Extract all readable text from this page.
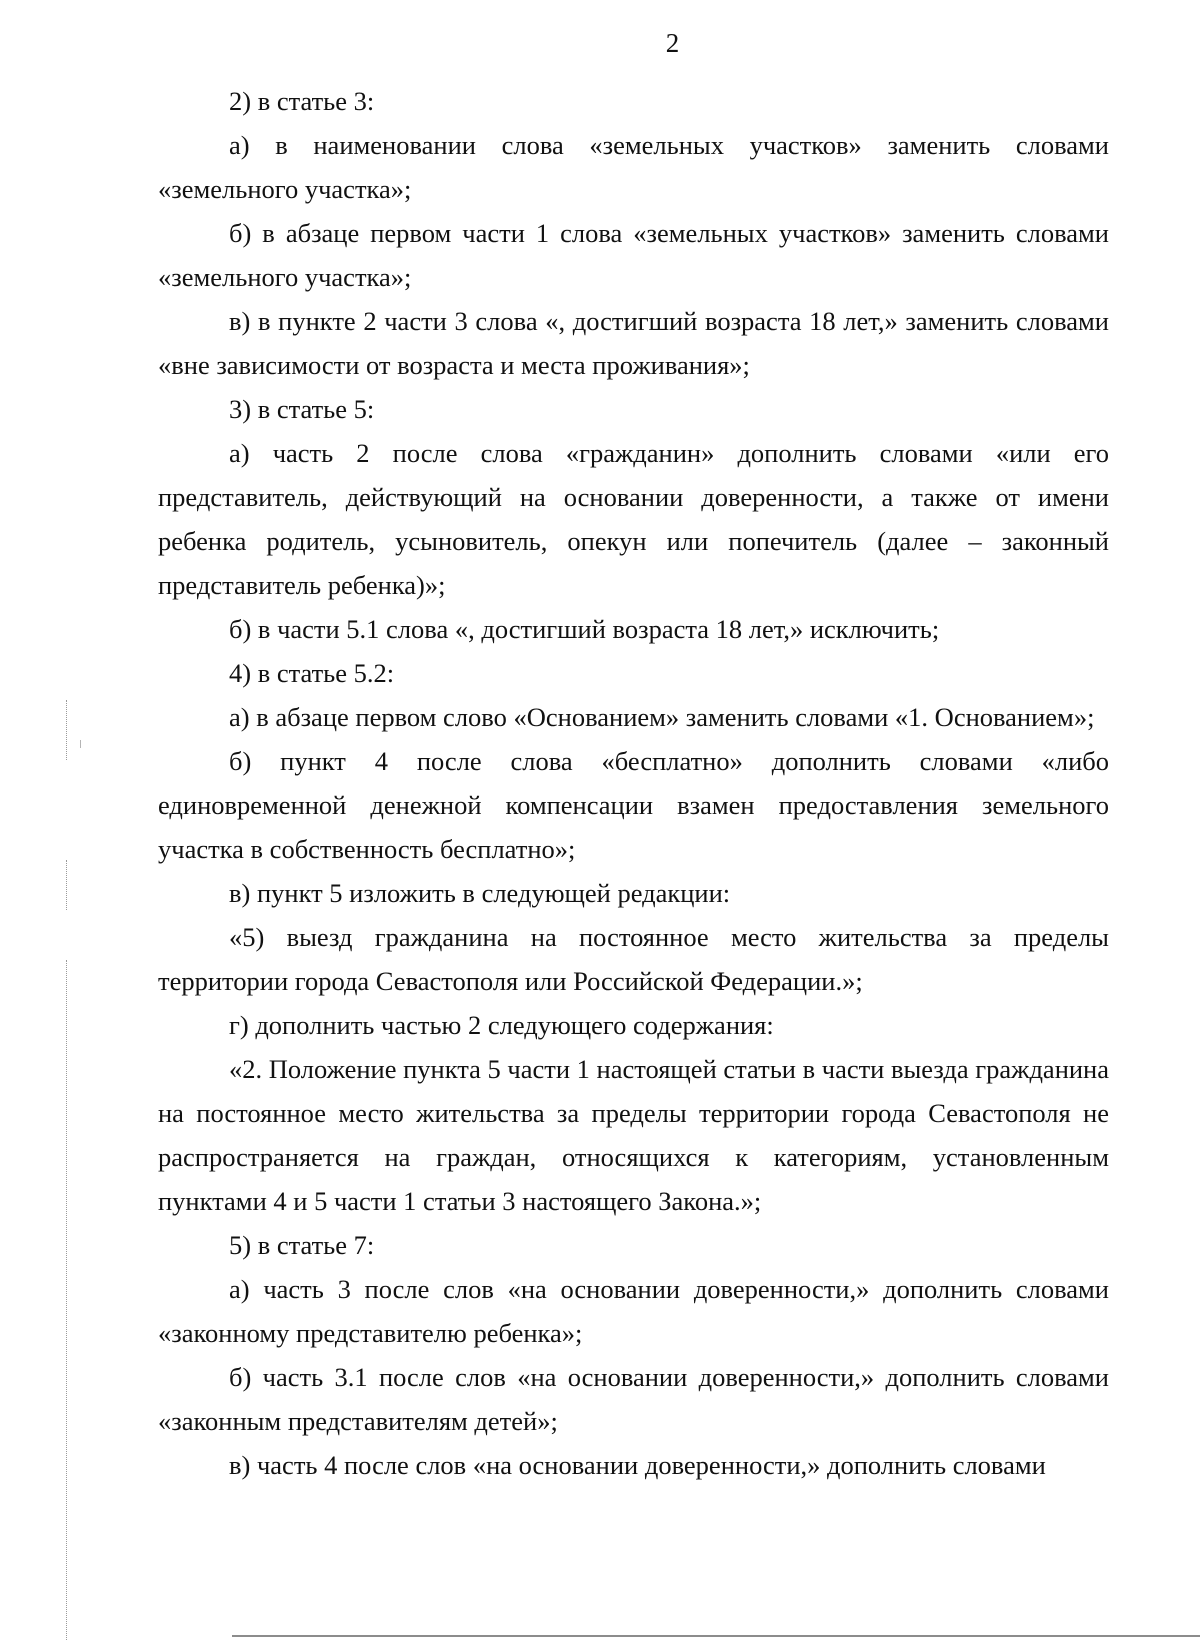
2

2) в статье 3:

а) в наименовании слова «земельных участков» заменить словами «земельного участка»;

б) в абзаце первом части 1 слова «земельных участков» заменить словами «земельного участка»;

в) в пункте 2 части 3 слова «, достигший возраста 18 лет,» заменить словами «вне зависимости от возраста и места проживания»;

3) в статье 5:

а) часть 2 после слова «гражданин» дополнить словами «или его представитель, действующий на основании доверенности, а также от имени ребенка родитель, усыновитель, опекун или попечитель (далее – законный представитель ребенка)»;

б) в части 5.1 слова «, достигший возраста 18 лет,» исключить;

4) в статье 5.2:

а) в абзаце первом слово «Основанием» заменить словами «1. Основанием»;

б) пункт 4 после слова «бесплатно» дополнить словами «либо единовременной денежной компенсации взамен предоставления земельного участка в собственность бесплатно»;

в) пункт 5 изложить в следующей редакции:

«5) выезд гражданина на постоянное место жительства за пределы территории города Севастополя или Российской Федерации.»;

г) дополнить частью 2 следующего содержания:

«2. Положение пункта 5 части 1 настоящей статьи в части выезда гражданина на постоянное место жительства за пределы территории города Севастополя не распространяется на граждан, относящихся к категориям, установленным пунктами 4 и 5 части 1 статьи 3 настоящего Закона.»;

5) в статье 7:

а) часть 3 после слов «на основании доверенности,» дополнить словами «законному представителю ребенка»;

б) часть 3.1 после слов «на основании доверенности,» дополнить словами «законным представителям детей»;

в) часть 4 после слов «на основании доверенности,» дополнить словами
